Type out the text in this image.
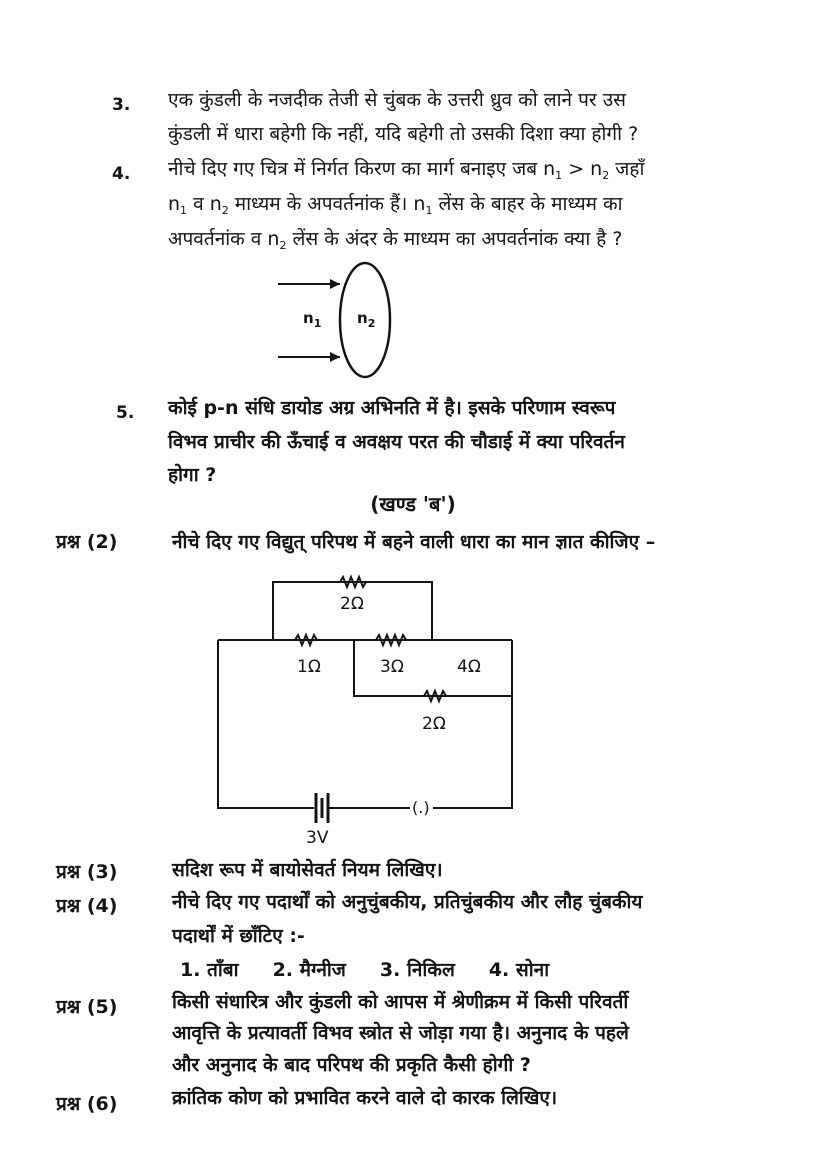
3. एक कुंडली के नजदीक तेजी से चुंबक के उत्तरी ध्रुव को लाने पर उस
कुंडली में धारा बहेगी कि नहीं, यदि बहेगी तो उसकी दिशा क्या होगी ?
4. नीचे दिए गए चित्र में निर्गत किरण का मार्ग बनाइए जब $n_1 > n_2$ जहाँ
$n_1$ व $n_2$ माध्यम के अपवर्तनांक हैं। $n_1$ लेंस के बाहर के माध्यम का
अपवर्तनांक व $n_2$ लेंस के अंदर के माध्यम का अपवर्तनांक क्या है ?
$n_1$ $n_2$
5. कोई p-n संधि डायोड अग्र अभिनति में है। इसके परिणाम स्वरूप
विभव प्राचीर की ऊँचाई व अवक्षय परत की चौडाई में क्या परिवर्तन
होगा ?
(खण्ड 'ब')
प्रश्न (2)	नीचे दिए गए विद्युत् परिपथ में बहने वाली धारा का मान ज्ञात कीजिए –
2Ω
1Ω	3Ω	4Ω
2Ω
(.)
3V
प्रश्न (3)	सदिश रूप में बायोसेवर्त नियम लिखिए।
प्रश्न (4)	नीचे दिए गए पदार्थों को अनुचुंबकीय, प्रतिचुंबकीय और लौह चुंबकीय
पदार्थों में छाँटिए :-
1. ताँबा 2. मैग्नीज 3. निकिल 4. सोना
प्रश्न (5)	किसी संधारित्र और कुंडली को आपस में श्रेणीक्रम में किसी परिवर्ती
आवृत्ति के प्रत्यावर्ती विभव स्त्रोत से जोड़ा गया है। अनुनाद के पहले
और अनुनाद के बाद परिपथ की प्रकृति कैसी होगी ?
प्रश्न (6)	क्रांतिक कोण को प्रभावित करने वाले दो कारक लिखिए।
